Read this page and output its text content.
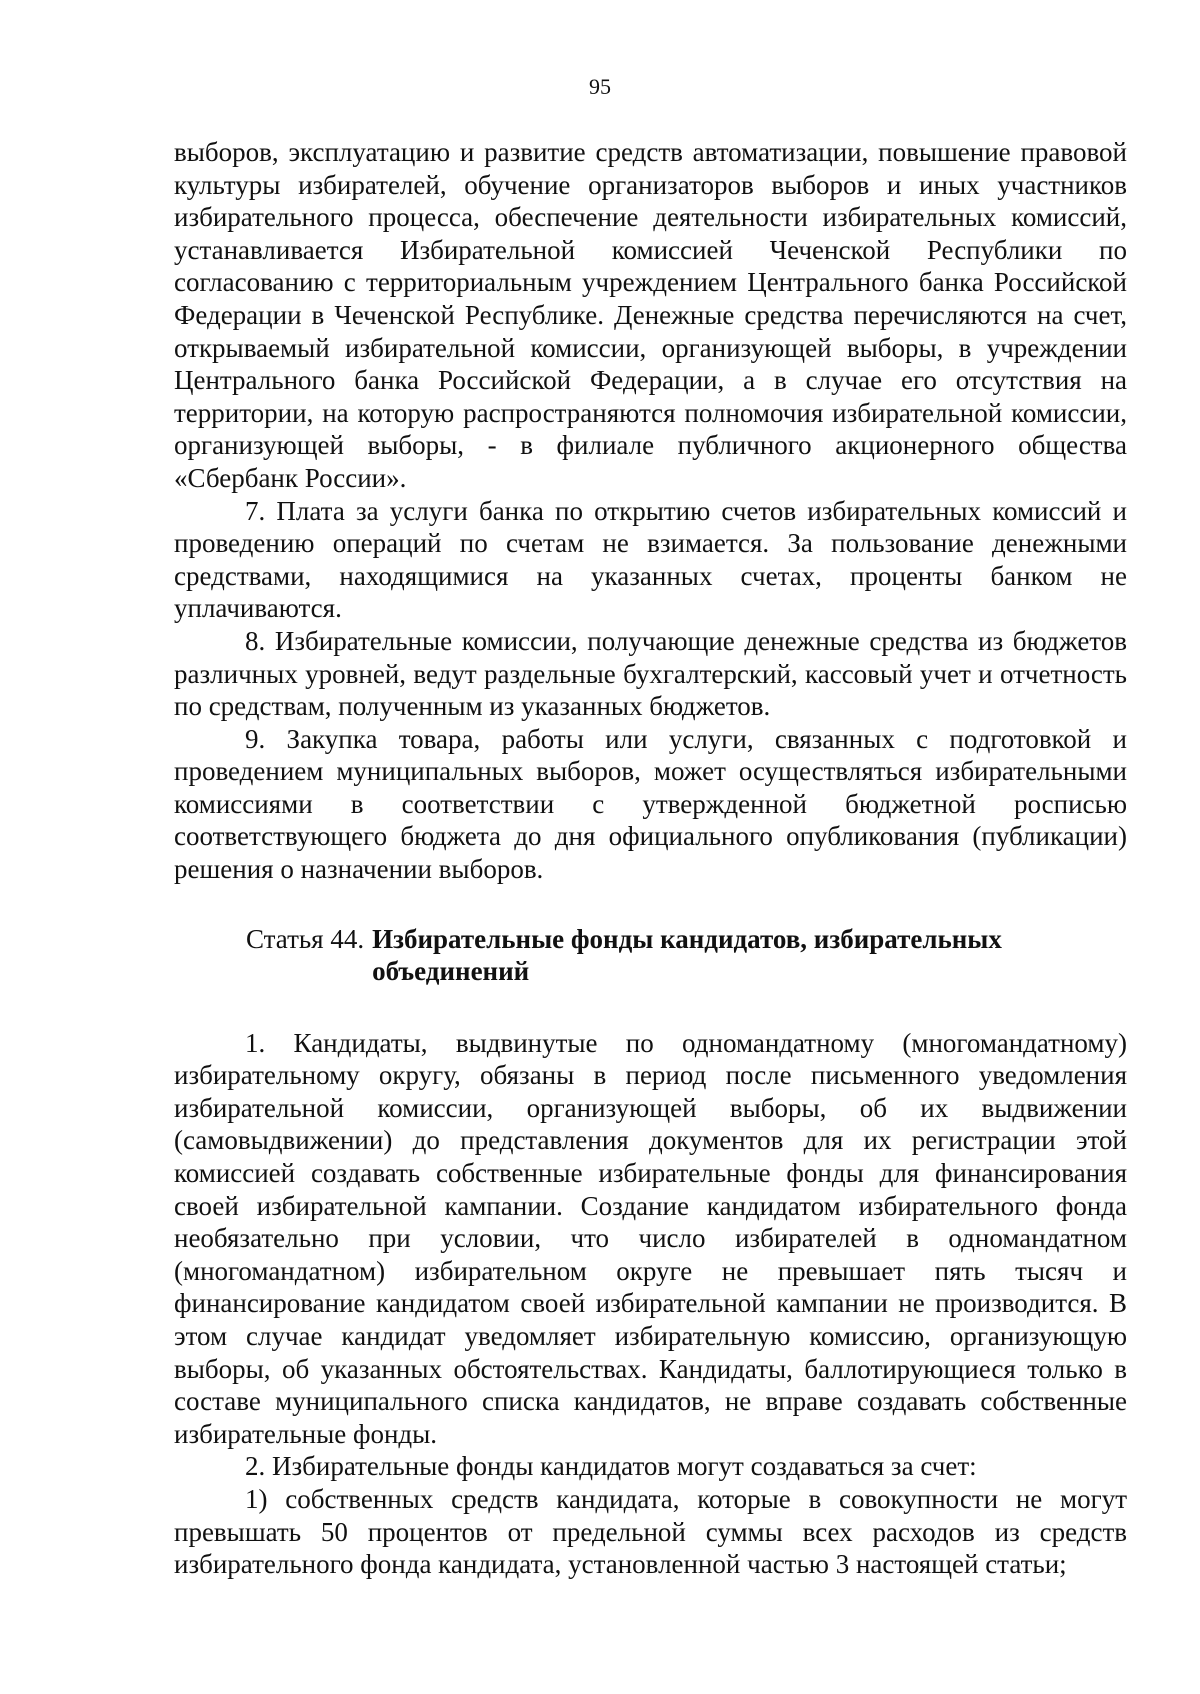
95

выборов, эксплуатацию и развитие средств автоматизации, повышение правовой культуры избирателей, обучение организаторов выборов и иных участников избирательного процесса, обеспечение деятельности избирательных комиссий, устанавливается Избирательной комиссией Чеченской Республики по согласованию с территориальным учреждением Центрального банка Российской Федерации в Чеченской Республике. Денежные средства перечисляются на счет, открываемый избирательной комиссии, организующей выборы, в учреждении Центрального банка Российской Федерации, а в случае его отсутствия на территории, на которую распространяются полномочия избирательной комиссии, организующей выборы, - в филиале публичного акционерного общества «Сбербанк России».

7. Плата за услуги банка по открытию счетов избирательных комиссий и проведению операций по счетам не взимается. За пользование денежными средствами, находящимися на указанных счетах, проценты банком не уплачиваются.

8. Избирательные комиссии, получающие денежные средства из бюджетов различных уровней, ведут раздельные бухгалтерский, кассовый учет и отчетность по средствам, полученным из указанных бюджетов.

9. Закупка товара, работы или услуги, связанных с подготовкой и проведением муниципальных выборов, может осуществляться избирательными комиссиями в соответствии с утвержденной бюджетной росписью соответствующего бюджета до дня официального опубликования (публикации) решения о назначении выборов.

Статья 44. Избирательные фонды кандидатов, избирательных объединений

1. Кандидаты, выдвинутые по одномандатному (многомандатному) избирательному округу, обязаны в период после письменного уведомления избирательной комиссии, организующей выборы, об их выдвижении (самовыдвижении) до представления документов для их регистрации этой комиссией создавать собственные избирательные фонды для финансирования своей избирательной кампании. Создание кандидатом избирательного фонда необязательно при условии, что число избирателей в одномандатном (многомандатном) избирательном округе не превышает пять тысяч и финансирование кандидатом своей избирательной кампании не производится. В этом случае кандидат уведомляет избирательную комиссию, организующую выборы, об указанных обстоятельствах. Кандидаты, баллотирующиеся только в составе муниципального списка кандидатов, не вправе создавать собственные избирательные фонды.

2. Избирательные фонды кандидатов могут создаваться за счет:

1) собственных средств кандидата, которые в совокупности не могут превышать 50 процентов от предельной суммы всех расходов из средств избирательного фонда кандидата, установленной частью 3 настоящей статьи;
